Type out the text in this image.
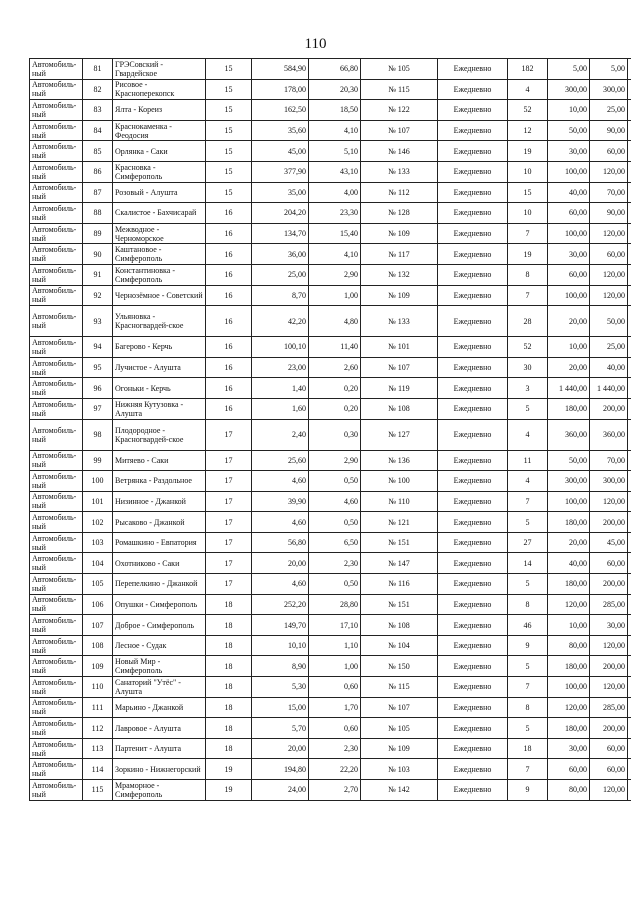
110
Автомобиль-ный	81	ГРЭСовский - Гвардейское	15	584,90	66,80	№ 105	Ежедневно	182	5,00	5,00	
Автомобиль-ный	82	Рисовое - Красноперекопск	15	178,00	20,30	№ 115	Ежедневно	4	300,00	300,00	
Автомобиль-ный	83	Ялта - Кореиз	15	162,50	18,50	№ 122	Ежедневно	52	10,00	25,00	
Автомобиль-ный	84	Краснокаменка - Феодосия	15	35,60	4,10	№ 107	Ежедневно	12	50,00	90,00	
Автомобиль-ный	85	Орлянка - Саки	15	45,00	5,10	№ 146	Ежедневно	19	30,00	60,00	
Автомобиль-ный	86	Красновка - Симферополь	15	377,90	43,10	№ 133	Ежедневно	10	100,00	120,00	
Автомобиль-ный	87	Розовый - Алушта	15	35,00	4,00	№ 112	Ежедневно	15	40,00	70,00	
Автомобиль-ный	88	Скалистое - Бахчисарай	16	204,20	23,30	№ 128	Ежедневно	10	60,00	90,00	
Автомобиль-ный	89	Межводное - Черноморское	16	134,70	15,40	№ 109	Ежедневно	7	100,00	120,00	
Автомобиль-ный	90	Каштановое - Симферополь	16	36,00	4,10	№ 117	Ежедневно	19	30,00	60,00	
Автомобиль-ный	91	Константиновка - Симферополь	16	25,00	2,90	№ 132	Ежедневно	8	60,00	120,00	
Автомобиль-ный	92	Чернозёмное - Советский	16	8,70	1,00	№ 109	Ежедневно	7	100,00	120,00	
Автомобиль-ный	93	Ульяновка - Красногвардей-ское	16	42,20	4,80	№ 133	Ежедневно	28	20,00	50,00	
Автомобиль-ный	94	Багерово - Керчь	16	100,10	11,40	№ 101	Ежедневно	52	10,00	25,00	
Автомобиль-ный	95	Лучистое - Алушта	16	23,00	2,60	№ 107	Ежедневно	30	20,00	40,00	
Автомобиль-ный	96	Огоньки - Керчь	16	1,40	0,20	№ 119	Ежедневно	3	1 440,00	1 440,00	
Автомобиль-ный	97	Нижняя Кутузовка - Алушта	16	1,60	0,20	№ 108	Ежедневно	5	180,00	200,00	
Автомобиль-ный	98	Плодородное - Красногвардей-ское	17	2,40	0,30	№ 127	Ежедневно	4	360,00	360,00	
Автомобиль-ный	99	Митяево - Саки	17	25,60	2,90	№ 136	Ежедневно	11	50,00	70,00	
Автомобиль-ный	100	Ветрянка - Раздольное	17	4,60	0,50	№ 100	Ежедневно	4	300,00	300,00	
Автомобиль-ный	101	Низинное - Джанкой	17	39,90	4,60	№ 110	Ежедневно	7	100,00	120,00	
Автомобиль-ный	102	Рысаково - Джанкой	17	4,60	0,50	№ 121	Ежедневно	5	180,00	200,00	
Автомобиль-ный	103	Ромашкино - Евпатория	17	56,80	6,50	№ 151	Ежедневно	27	20,00	45,00	
Автомобиль-ный	104	Охотниково - Саки	17	20,00	2,30	№ 147	Ежедневно	14	40,00	60,00	
Автомобиль-ный	105	Перепелкино - Джанкой	17	4,60	0,50	№ 116	Ежедневно	5	180,00	200,00	
Автомобиль-ный	106	Опушки - Симферополь	18	252,20	28,80	№ 151	Ежедневно	8	120,00	285,00	
Автомобиль-ный	107	Доброе - Симферополь	18	149,70	17,10	№ 108	Ежедневно	46	10,00	30,00	
Автомобиль-ный	108	Лесное - Судак	18	10,10	1,10	№ 104	Ежедневно	9	80,00	120,00	
Автомобиль-ный	109	Новый Мир - Симферополь	18	8,90	1,00	№ 150	Ежедневно	5	180,00	200,00	
Автомобиль-ный	110	Санаторий "Утёс" - Алушта	18	5,30	0,60	№ 115	Ежедневно	7	100,00	120,00	
Автомобиль-ный	111	Марьино - Джанкой	18	15,00	1,70	№ 107	Ежедневно	8	120,00	285,00	
Автомобиль-ный	112	Лавровое - Алушта	18	5,70	0,60	№ 105	Ежедневно	5	180,00	200,00	
Автомобиль-ный	113	Партенит - Алушта	18	20,00	2,30	№ 109	Ежедневно	18	30,00	60,00	
Автомобиль-ный	114	Зоркино - Нижнегорский	19	194,80	22,20	№ 103	Ежедневно	7	60,00	60,00	
Автомобиль-ный	115	Мраморное - Симферополь	19	24,00	2,70	№ 142	Ежедневно	9	80,00	120,00	
